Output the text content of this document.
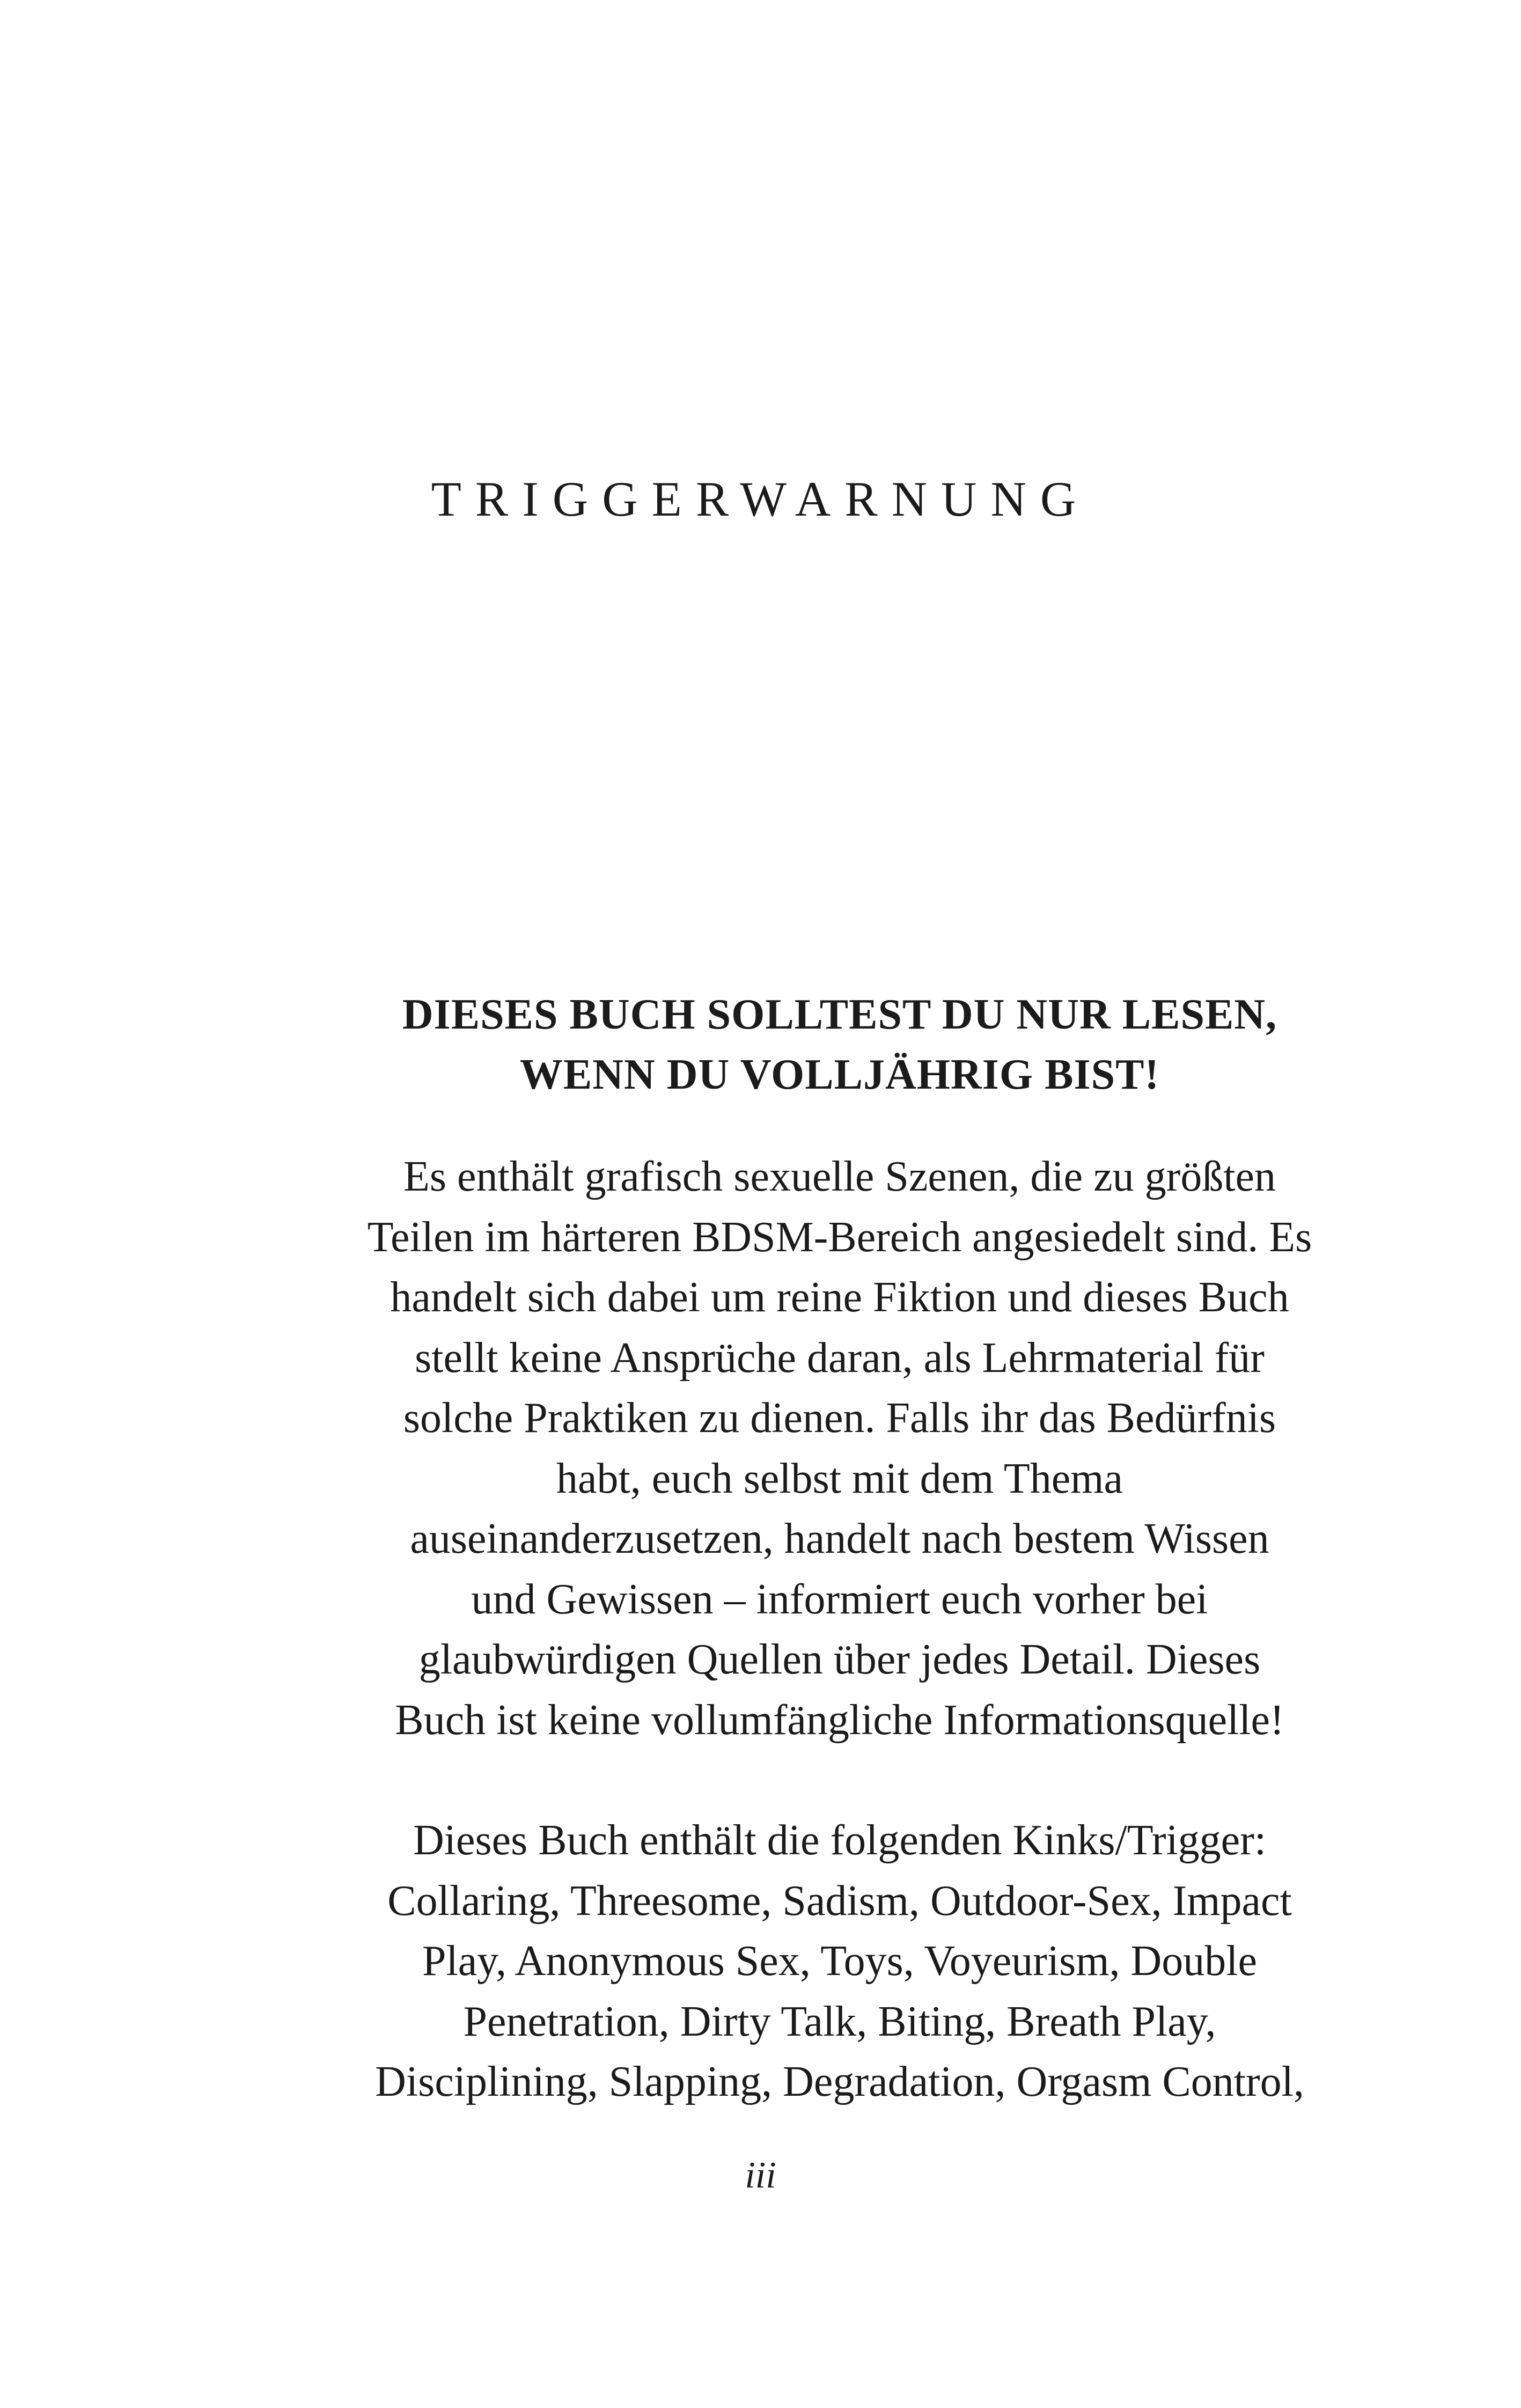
TRIGGERWARNUNG

DIESES BUCH SOLLTEST DU NUR LESEN,
WENN DU VOLLJÄHRIG BIST!

Es enthält grafisch sexuelle Szenen, die zu größten
Teilen im härteren BDSM-Bereich angesiedelt sind. Es
handelt sich dabei um reine Fiktion und dieses Buch
stellt keine Ansprüche daran, als Lehrmaterial für
solche Praktiken zu dienen. Falls ihr das Bedürfnis
habt, euch selbst mit dem Thema
auseinanderzusetzen, handelt nach bestem Wissen
und Gewissen – informiert euch vorher bei
glaubwürdigen Quellen über jedes Detail. Dieses
Buch ist keine vollumfängliche Informationsquelle!

Dieses Buch enthält die folgenden Kinks/Trigger:
Collaring, Threesome, Sadism, Outdoor-Sex, Impact
Play, Anonymous Sex, Toys, Voyeurism, Double
Penetration, Dirty Talk, Biting, Breath Play,
Disciplining, Slapping, Degradation, Orgasm Control,

iii
